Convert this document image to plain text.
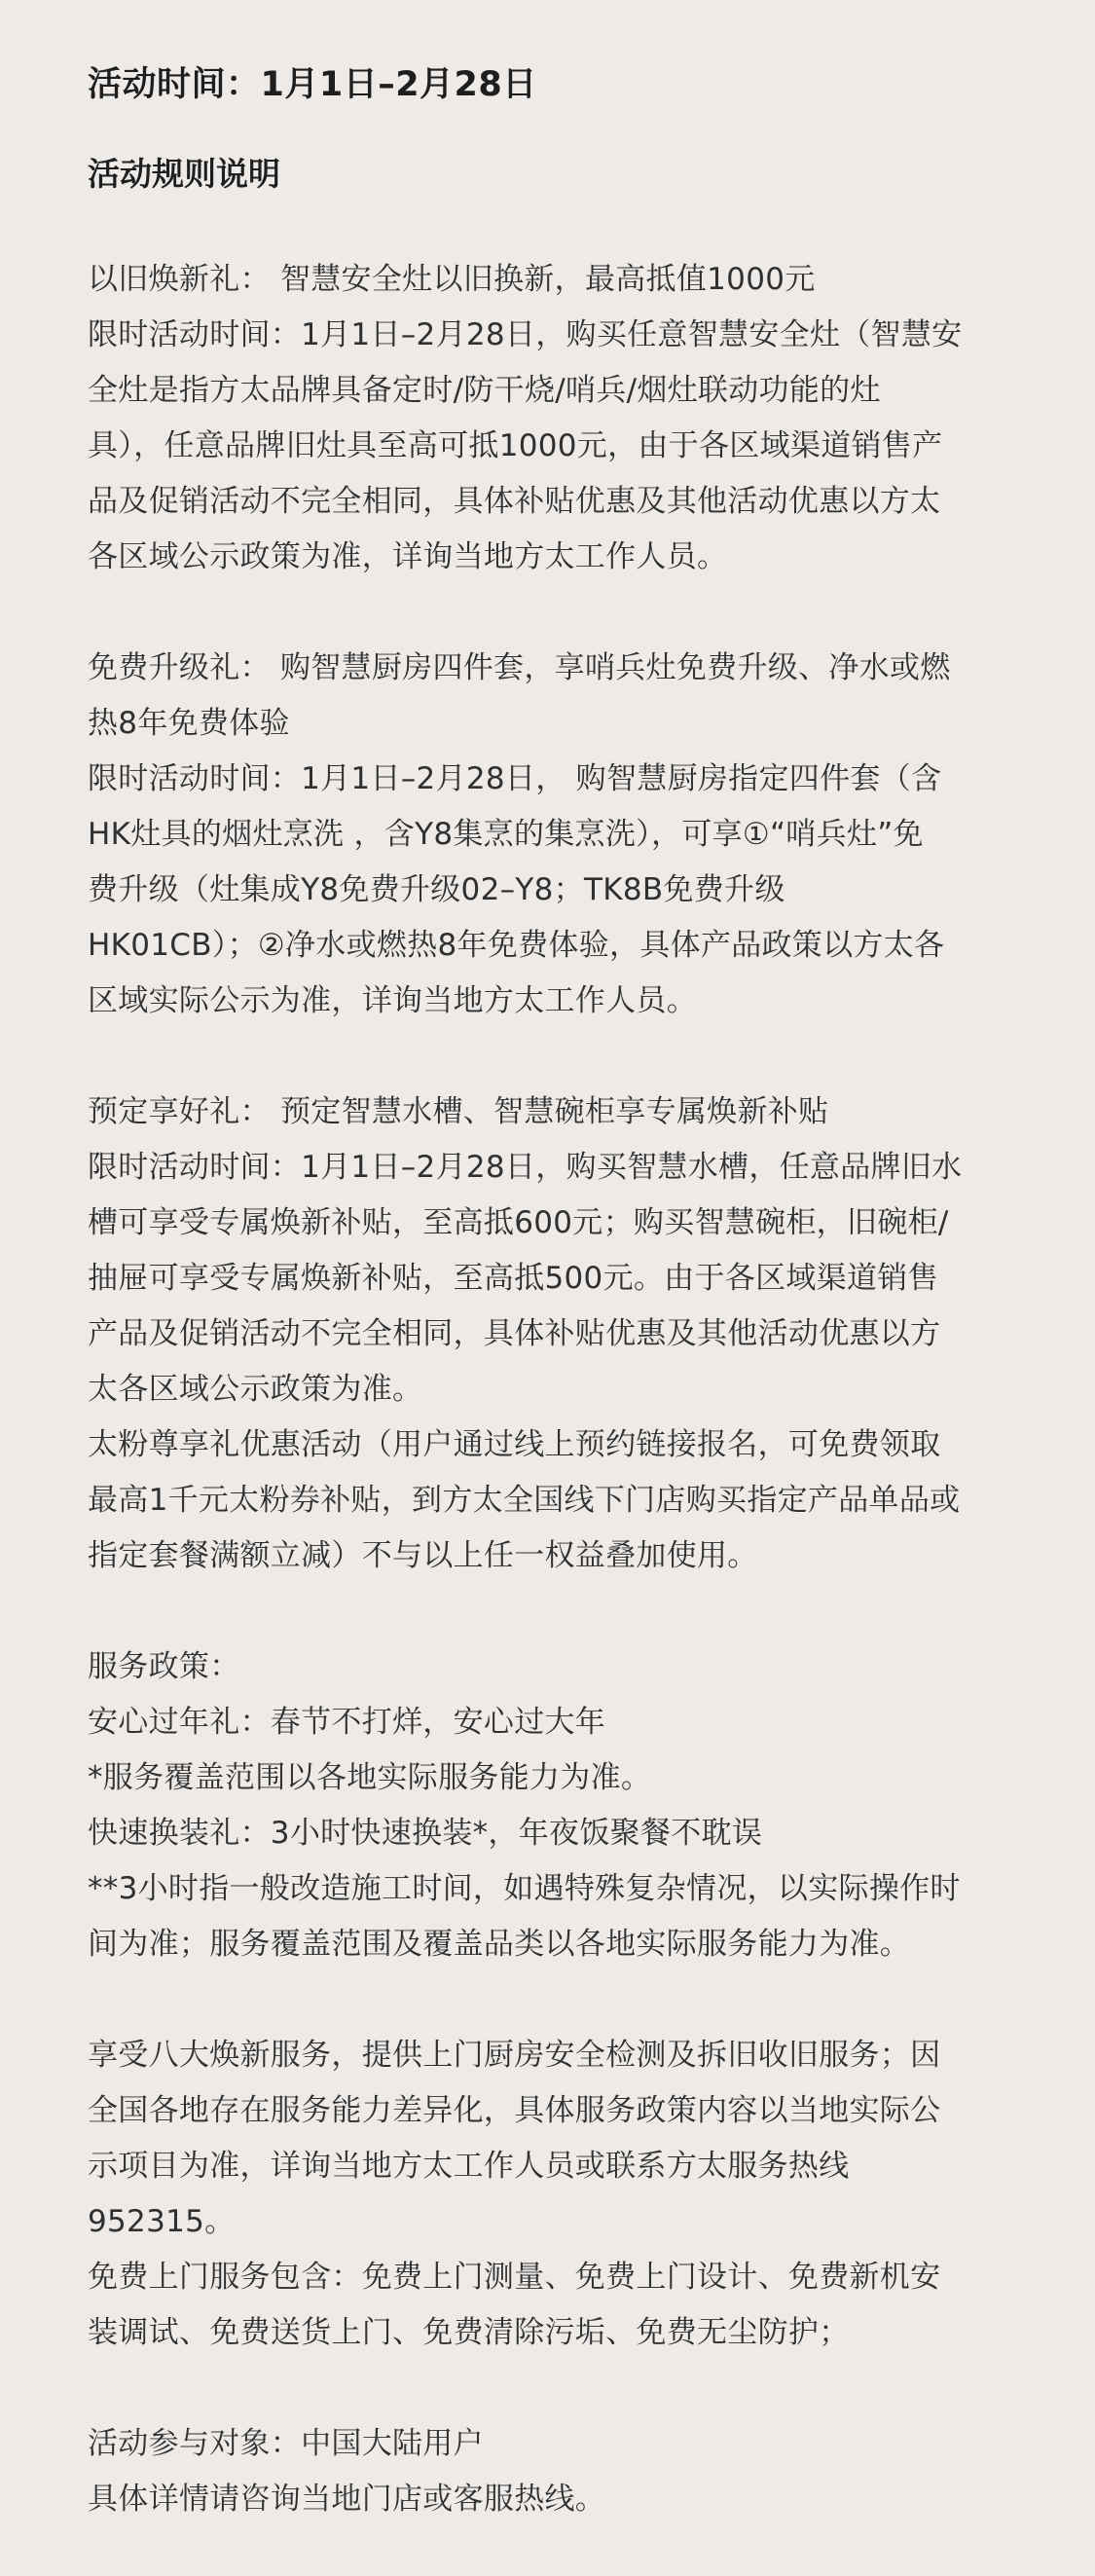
活动时间：1月1日–2月28日
活动规则说明
以旧焕新礼： 智慧安全灶以旧换新，最高抵值1000元
限时活动时间：1月1日–2月28日，购买任意智慧安全灶（智慧安
全灶是指方太品牌具备定时/防干烧/哨兵/烟灶联动功能的灶
具），任意品牌旧灶具至高可抵1000元，由于各区域渠道销售产
品及促销活动不完全相同，具体补贴优惠及其他活动优惠以方太
各区域公示政策为准，详询当地方太工作人员。
免费升级礼： 购智慧厨房四件套，享哨兵灶免费升级、净水或燃
热8年免费体验
限时活动时间：1月1日–2月28日， 购智慧厨房指定四件套（含
HK灶具的烟灶烹洗 ，含Y8集烹的集烹洗），可享①“哨兵灶”免
费升级（灶集成Y8免费升级02–Y8；TK8B免费升级
HK01CB）；②净水或燃热8年免费体验，具体产品政策以方太各
区域实际公示为准，详询当地方太工作人员。
预定享好礼： 预定智慧水槽、智慧碗柜享专属焕新补贴
限时活动时间：1月1日–2月28日，购买智慧水槽，任意品牌旧水
槽可享受专属焕新补贴，至高抵600元；购买智慧碗柜，旧碗柜/
抽屉可享受专属焕新补贴，至高抵500元。由于各区域渠道销售
产品及促销活动不完全相同，具体补贴优惠及其他活动优惠以方
太各区域公示政策为准。
太粉尊享礼优惠活动（用户通过线上预约链接报名，可免费领取
最高1千元太粉券补贴，到方太全国线下门店购买指定产品单品或
指定套餐满额立减）不与以上任一权益叠加使用。
服务政策：
安心过年礼：春节不打烊，安心过大年
*服务覆盖范围以各地实际服务能力为准。
快速换装礼：3小时快速换装*，年夜饭聚餐不耽误
**3小时指一般改造施工时间，如遇特殊复杂情况，以实际操作时
间为准；服务覆盖范围及覆盖品类以各地实际服务能力为准。
享受八大焕新服务，提供上门厨房安全检测及拆旧收旧服务；因
全国各地存在服务能力差异化，具体服务政策内容以当地实际公
示项目为准，详询当地方太工作人员或联系方太服务热线
952315。
免费上门服务包含：免费上门测量、免费上门设计、免费新机安
装调试、免费送货上门、免费清除污垢、免费无尘防护；
活动参与对象：中国大陆用户
具体详情请咨询当地门店或客服热线。
